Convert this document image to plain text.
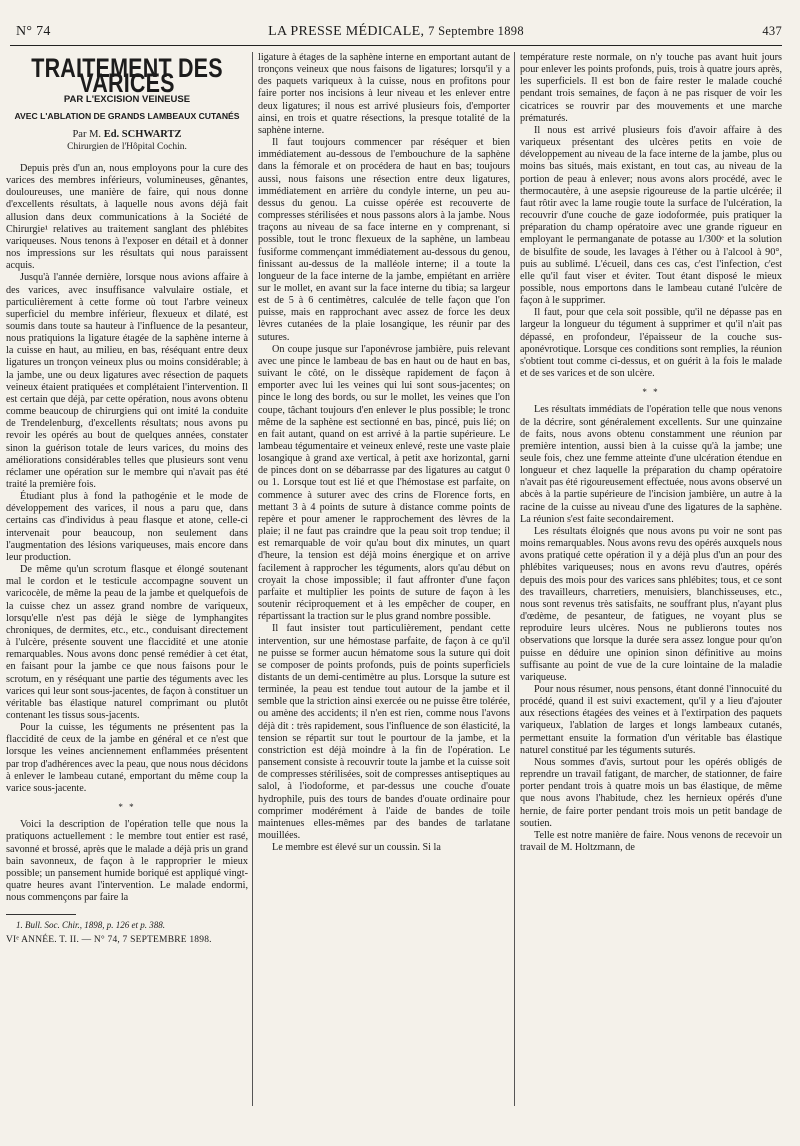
N° 74	LA PRESSE MÉDICALE, 7 Septembre 1898	437
TRAITEMENT DES VARICES
PAR L'EXCISION VEINEUSE
AVEC L'ABLATION DE GRANDS LAMBEAUX CUTANÉS
Par M. Ed. SCHWARTZ
Chirurgien de l'Hôpital Cochin.

Depuis près d'un an, nous employons pour la cure des varices des membres inférieurs, volumineuses, gênantes, douloureuses, une manière de faire, qui nous donne d'excellents résultats, à laquelle nous avons déjà fait allusion dans deux communications à la Société de Chirurgie¹ relatives au traitement sanglant des phlébites variqueuses. Nous tenons à l'exposer en détail et à donner nos impressions sur les résultats qui nous paraissent acquis.

Jusqu'à l'année dernière, lorsque nous avions affaire à des varices, avec insuffisance valvulaire ostiale, et particulièrement à cette forme où tout l'arbre veineux superficiel du membre inférieur, flexueux et dilaté, est soumis dans toute sa hauteur à l'influence de la pesanteur, nous pratiquions la ligature étagée de la saphène interne à la cuisse en haut, au milieu, en bas, réséquant entre deux ligatures un tronçon veineux plus ou moins considérable; à la jambe, une ou deux ligatures avec résection de paquets veineux étaient pratiquées et complétaient l'intervention. Il est certain que déjà, par cette opération, nous avons obtenu comme beaucoup de chirurgiens qui ont imité la conduite de Trendelenburg, d'excellents résultats; nous avons pu revoir les opérés au bout de quelques années, constater sinon la guérison totale de leurs varices, du moins des améliorations considérables telles que plusieurs sont venu réclamer une opération sur le membre qui n'avait pas été traité la première fois.

Étudiant plus à fond la pathogénie et le mode de développement des varices, il nous a paru que, dans certains cas d'individus à peau flasque et atone, celle-ci intervenait pour beaucoup, non seulement dans l'augmentation des lésions variqueuses, mais encore dans leur production.

De même qu'un scrotum flasque et élongé soutenant mal le cordon et le testicule accompagne souvent un varicocèle, de même la peau de la jambe et quelquefois de la cuisse chez un assez grand nombre de variqueux, lorsqu'elle n'est pas déjà le siège de lymphangites chroniques, de dermites, etc., etc., conduisant directement à l'ulcère, présente souvent une flaccidité et une atonie remarquables. Nous avons donc pensé remédier à cet état, en faisant pour la jambe ce que nous faisons pour le scrotum, en y réséquant une partie des téguments avec les varices qui leur sont sous-jacentes, de façon à constituer un véritable bas élastique naturel comprimant ou plutôt contenant les tissus sous-jacents.

Pour la cuisse, les téguments ne présentent pas la flaccidité de ceux de la jambe en général et ce n'est que lorsque les veines anciennement enflammées présentent par trop d'adhérences avec la peau, que nous nous décidons à enlever le lambeau cutané, emportant du même coup la varice sous-jacente.

* *

Voici la description de l'opération telle que nous la pratiquons actuellement : le membre tout entier est rasé, savonné et brossé, après que le malade a déjà pris un grand bain savonneux, de façon à le rapproprier le mieux possible; un pansement humide boriqué est appliqué vingt-quatre heures avant l'intervention. Le malade endormi, nous commençons par faire la

1. Bull. Soc. Chir., 1898, p. 126 et p. 388.

VIᵉ ANNÉE. T. II. — N° 74, 7 SEPTEMBRE 1898.

ligature à étages de la saphène interne en emportant autant de tronçons veineux que nous faisons de ligatures; lorsqu'il y a des paquets variqueux à la cuisse, nous en profitons pour faire porter nos incisions à leur niveau et les enlever entre deux ligatures; il nous est arrivé plusieurs fois, d'emporter ainsi, en trois et quatre résections, la presque totalité de la saphène interne.

Il faut toujours commencer par réséquer et bien immédiatement au-dessous de l'embouchure de la saphène dans la fémorale et on procédera de haut en bas; toujours aussi, nous faisons une résection entre deux ligatures, immédiatement en arrière du condyle interne, un peu au-dessus du genou. La cuisse opérée est recouverte de compresses stérilisées et nous passons alors à la jambe. Nous traçons au niveau de sa face interne en y comprenant, si possible, tout le tronc flexueux de la saphène, un lambeau fusiforme commençant immédiatement au-dessous du genou, finissant au-dessus de la malléole interne; il a toute la longueur de la face interne de la jambe, empiétant en arrière sur le mollet, en avant sur la face interne du tibia; sa largeur est de 5 à 6 centimètres, calculée de telle façon que l'on puisse, mais en rapprochant avec assez de force les deux lèvres cutanées de la plaie losangique, les réunir par des sutures.

On coupe jusque sur l'aponévrose jambière, puis relevant avec une pince le lambeau de bas en haut ou de haut en bas, suivant le côté, on le dissèque rapidement de façon à emporter avec lui les veines qui lui sont sous-jacentes; on pince le long des bords, ou sur le mollet, les veines que l'on coupe, tâchant toujours d'en enlever le plus possible; le tronc même de la saphène est sectionné en bas, pincé, puis lié; on en fait autant, quand on est arrivé à la partie supérieure. Le lambeau tégumentaire et veineux enlevé, reste une vaste plaie losangique à grand axe vertical, à petit axe horizontal, garni de pinces dont on se débarrasse par des ligatures au catgut 0 ou 1. Lorsque tout est lié et que l'hémostase est parfaite, on commence à suturer avec des crins de Florence forts, en mettant 3 à 4 points de suture à distance comme points de repère et pour amener le rapprochement des lèvres de la plaie; il ne faut pas craindre que la peau soit trop tendue; il est remarquable de voir qu'au bout dix minutes, un quart d'heure, la tension est déjà moins énergique et on arrive facilement à rapprocher les téguments, alors qu'au début on croyait la chose impossible; il faut affronter d'une façon parfaite et multiplier les points de suture de façon à les soutenir réciproquement et à les empêcher de couper, en répartissant la traction sur le plus grand nombre possible.

Il faut insister tout particulièrement, pendant cette intervention, sur une hémostase parfaite, de façon à ce qu'il ne puisse se former aucun hématome sous la suture qui doit se composer de points profonds, puis de points superficiels distants de un demi-centimètre au plus. Lorsque la suture est terminée, la peau est tendue tout autour de la jambe et il semble que la striction ainsi exercée ou ne puisse être tolérée, ou amène des accidents; il n'en est rien, comme nous l'avons déjà dit : très rapidement, sous l'influence de son élasticité, la tension se répartit sur tout le pourtour de la jambe, et la constriction est déjà moindre à la fin de l'opération. Le pansement consiste à recouvrir toute la jambe et la cuisse soit de compresses stérilisées, soit de compresses antiseptiques au salol, à l'iodoforme, et par-dessus une couche d'ouate hydrophile, puis des tours de bandes d'ouate ordinaire pour comprimer modérément à l'aide de bandes de toile maintenues elles-mêmes par des bandes de tarlatane mouillées.

Le membre est élevé sur un coussin. Si la

température reste normale, on n'y touche pas avant huit jours pour enlever les points profonds, puis, trois à quatre jours après, les superficiels. Il est bon de faire rester le malade couché pendant trois semaines, de façon à ne pas risquer de voir les cicatrices se rouvrir par des mouvements et une marche prématurés.

Il nous est arrivé plusieurs fois d'avoir affaire à des variqueux présentant des ulcères petits en voie de développement au niveau de la face interne de la jambe, plus ou moins bas situés, mais existant, en tout cas, au niveau de la portion de peau à enlever; nous avons alors procédé, avec le thermocautère, à une asepsie rigoureuse de la partie ulcérée; il faut rôtir avec la lame rougie toute la surface de l'ulcération, la recouvrir d'une couche de gaze iodoformée, puis pratiquer la préparation du champ opératoire avec une grande rigueur en employant le permanganate de potasse au 1/300ᵉ et la solution de bisulfite de soude, les lavages à l'éther ou à l'alcool à 90°, puis au sublimé. L'écueil, dans ces cas, c'est l'infection, c'est elle qu'il faut viser et éviter. Tout étant disposé le mieux possible, nous emportons dans le lambeau cutané l'ulcère de façon à le supprimer.

Il faut, pour que cela soit possible, qu'il ne dépasse pas en largeur la longueur du tégument à supprimer et qu'il n'ait pas dépassé, en profondeur, l'épaisseur de la couche sus-aponévrotique. Lorsque ces conditions sont remplies, la réunion s'obtient tout comme ci-dessus, et on guérit à la fois le malade et de ses varices et de son ulcère.

* *

Les résultats immédiats de l'opération telle que nous venons de la décrire, sont généralement excellents. Sur une quinzaine de faits, nous avons obtenu constamment une réunion par première intention, aussi bien à la cuisse qu'à la jambe; une seule fois, chez une femme atteinte d'une ulcération étendue en longueur et chez laquelle la préparation du champ opératoire n'avait pas été rigoureusement effectuée, nous avons observé un abcès à la partie supérieure de l'incision jambière, un autre à la racine de la cuisse au niveau d'une des ligatures de la saphène. La réunion s'est faite secondairement.

Les résultats éloignés que nous avons pu voir ne sont pas moins remarquables. Nous avons revu des opérés auxquels nous avons pratiqué cette opération il y a déjà plus d'un an pour des phlébites variqueuses; nous en avons revu d'autres, opérés depuis des mois pour des varices sans phlébites; tous, et ce sont des travailleurs, charretiers, menuisiers, blanchisseuses, etc., nous sont revenus très satisfaits, ne souffrant plus, n'ayant plus d'œdème, de pesanteur, de fatigues, ne voyant plus se reproduire leurs ulcères. Nous ne publierons toutes nos observations que lorsque la durée sera assez longue pour qu'on puisse en déduire une opinion sinon définitive au moins suffisante au point de vue de la cure lointaine de la maladie variqueuse.

Pour nous résumer, nous pensons, étant donné l'innocuité du procédé, quand il est suivi exactement, qu'il y a lieu d'ajouter aux résections étagées des veines et à l'extirpation des paquets variqueux, l'ablation de larges et longs lambeaux cutanés, permettant ensuite la formation d'un véritable bas élastique naturel constitué par les téguments suturés.

Nous sommes d'avis, surtout pour les opérés obligés de reprendre un travail fatigant, de marcher, de stationner, de faire porter pendant trois à quatre mois un bas élastique, de même que nous avons l'habitude, chez les hernieux opérés d'une hernie, de faire porter pendant trois mois un petit bandage de soutien.

Telle est notre manière de faire. Nous venons de recevoir un travail de M. Holtzmann, de
